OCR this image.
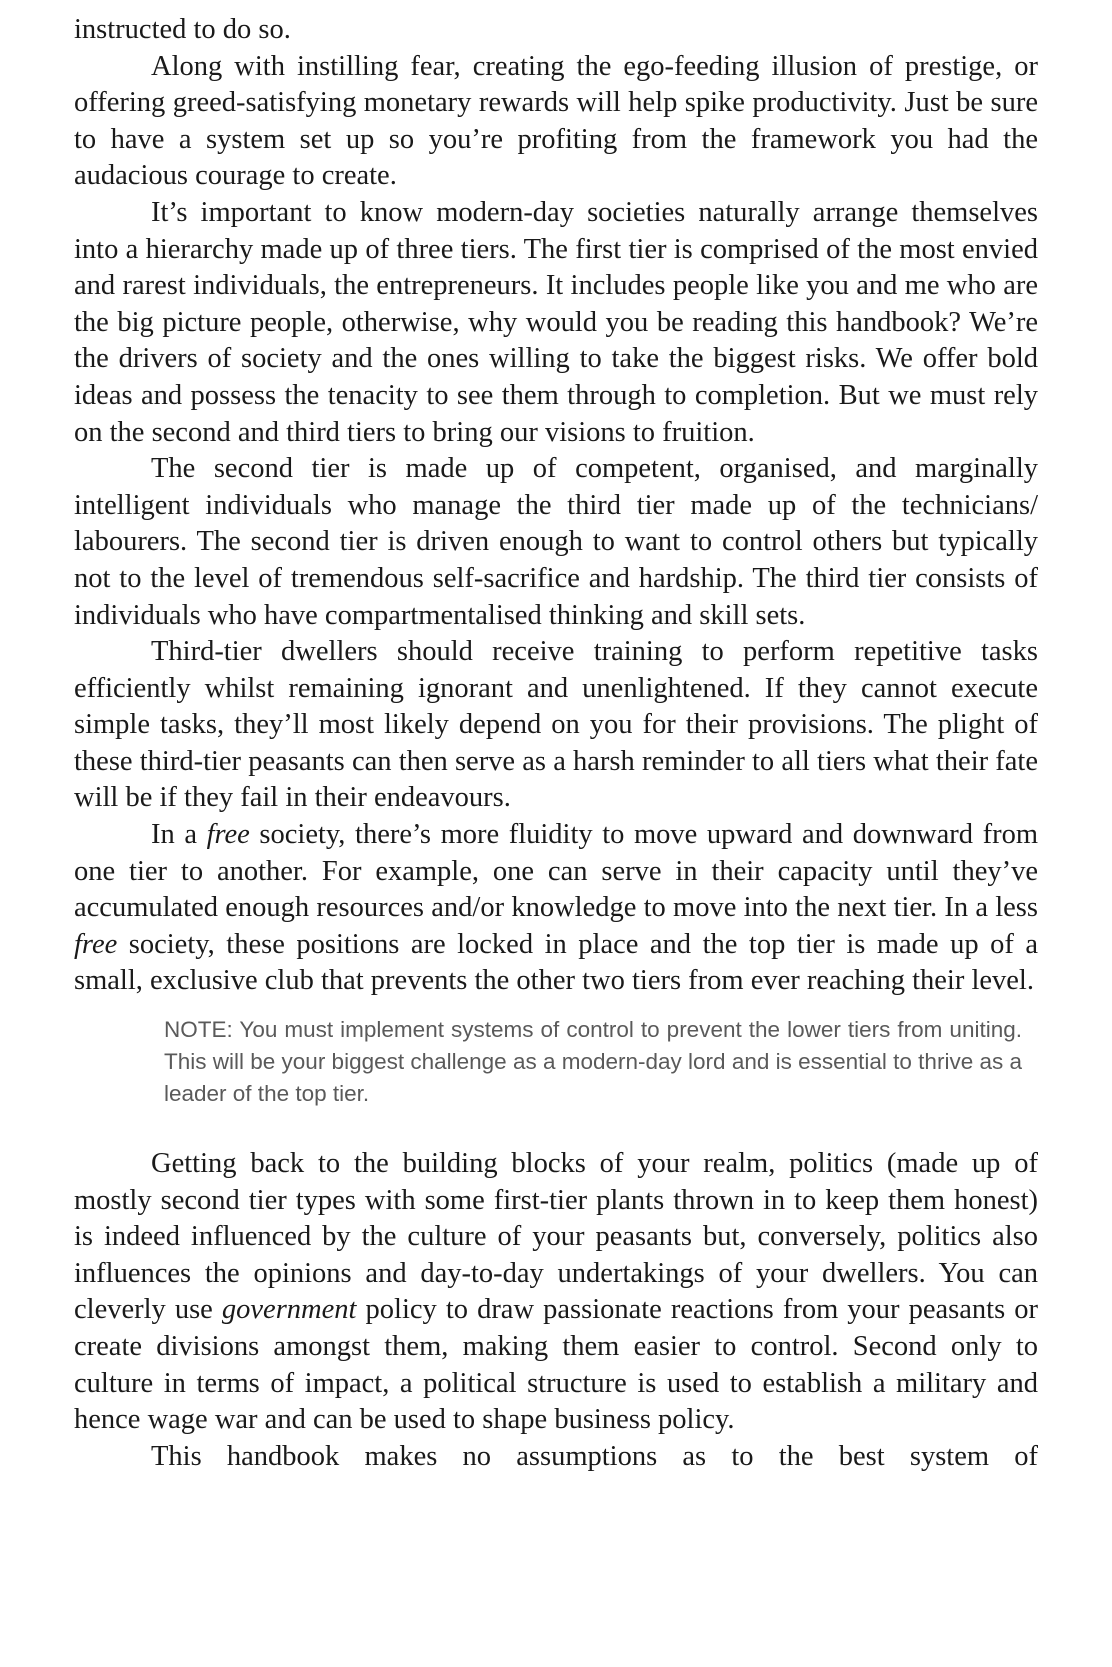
instructed to do so.

Along with instilling fear, creating the ego-feeding illusion of prestige, or offering greed-satisfying monetary rewards will help spike productivity. Just be sure to have a system set up so you’re profiting from the framework you had the audacious courage to create.

It’s important to know modern-day societies naturally arrange themselves into a hierarchy made up of three tiers. The first tier is comprised of the most envied and rarest individuals, the entrepreneurs. It includes people like you and me who are the big picture people, otherwise, why would you be reading this handbook? We’re the drivers of society and the ones willing to take the biggest risks. We offer bold ideas and possess the tenacity to see them through to completion. But we must rely on the second and third tiers to bring our visions to fruition.

The second tier is made up of competent, organised, and marginally intelligent individuals who manage the third tier made up of the technicians/ labourers. The second tier is driven enough to want to control others but typically not to the level of tremendous self-sacrifice and hardship. The third tier consists of individuals who have compartmentalised thinking and skill sets.

Third-tier dwellers should receive training to perform repetitive tasks efficiently whilst remaining ignorant and unenlightened. If they cannot execute simple tasks, they’ll most likely depend on you for their provisions. The plight of these third-tier peasants can then serve as a harsh reminder to all tiers what their fate will be if they fail in their endeavours.

In a free society, there’s more fluidity to move upward and downward from one tier to another. For example, one can serve in their capacity until they’ve accumulated enough resources and/or knowledge to move into the next tier. In a less free society, these positions are locked in place and the top tier is made up of a small, exclusive club that prevents the other two tiers from ever reaching their level.

NOTE: You must implement systems of control to prevent the lower tiers from uniting. This will be your biggest challenge as a modern-day lord and is essential to thrive as a leader of the top tier.

Getting back to the building blocks of your realm, politics (made up of mostly second tier types with some first-tier plants thrown in to keep them honest) is indeed influenced by the culture of your peasants but, conversely, politics also influences the opinions and day-to-day undertakings of your dwellers. You can cleverly use government policy to draw passionate reactions from your peasants or create divisions amongst them, making them easier to control. Second only to culture in terms of impact, a political structure is used to establish a military and hence wage war and can be used to shape business policy.

This handbook makes no assumptions as to the best system of
